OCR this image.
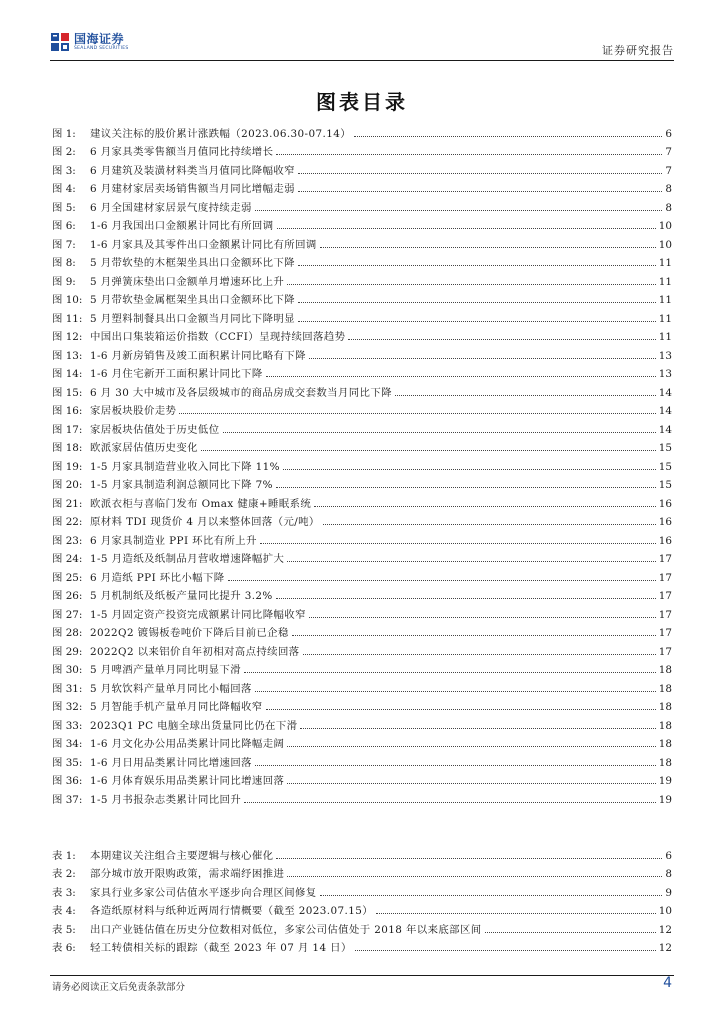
国海证券
SEALAND SECURITIES	证券研究报告
图表目录
图 1:	建议关注标的股价累计涨跌幅（2023.06.30-07.14）	6
图 2:	6 月家具类零售额当月值同比持续增长	7
图 3:	6 月建筑及装潢材料类当月值同比降幅收窄	7
图 4:	6 月建材家居卖场销售额当月同比增幅走弱	8
图 5:	6 月全国建材家居景气度持续走弱	8
图 6:	1-6 月我国出口金额累计同比有所回调	10
图 7:	1-6 月家具及其零件出口金额累计同比有所回调	10
图 8:	5 月带软垫的木框架坐具出口金额环比下降	11
图 9:	5 月弹簧床垫出口金额单月增速环比上升	11
图 10: 5 月带软垫金属框架坐具出口金额环比下降	11
图 11: 5 月塑料制餐具出口金额当月同比下降明显	11
图 12: 中国出口集装箱运价指数（CCFI）呈现持续回落趋势	11
图 13: 1-6 月新房销售及竣工面积累计同比略有下降	13
图 14: 1-6 月住宅新开工面积累计同比下降	13
图 15: 6 月 30 大中城市及各层级城市的商品房成交套数当月同比下降	14
图 16: 家居板块股价走势	14
图 17: 家居板块估值处于历史低位	14
图 18: 欧派家居估值历史变化	15
图 19: 1-5 月家具制造营业收入同比下降 11%	15
图 20: 1-5 月家具制造利润总额同比下降 7%	15
图 21: 欧派衣柜与喜临门发布 Omax 健康+睡眠系统	16
图 22: 原材料 TDI 现货价 4 月以来整体回落（元/吨）	16
图 23: 6 月家具制造业 PPI 环比有所上升	16
图 24: 1-5 月造纸及纸制品月营收增速降幅扩大	17
图 25: 6 月造纸 PPI 环比小幅下降	17
图 26: 5 月机制纸及纸板产量同比提升 3.2%	17
图 27: 1-5 月固定资产投资完成额累计同比降幅收窄	17
图 28: 2022Q2 镀锡板卷吨价下降后目前已企稳	17
图 29: 2022Q2 以来铝价自年初相对高点持续回落	17
图 30: 5 月啤酒产量单月同比明显下滑	18
图 31: 5 月软饮料产量单月同比小幅回落	18
图 32: 5 月智能手机产量单月同比降幅收窄	18
图 33: 2023Q1 PC 电脑全球出货量同比仍在下滑	18
图 34: 1-6 月文化办公用品类累计同比降幅走阔	18
图 35: 1-6 月日用品类累计同比增速回落	18
图 36: 1-6 月体育娱乐用品类累计同比增速回落	19
图 37: 1-5 月书报杂志类累计同比回升	19
表 1:	本期建议关注组合主要逻辑与核心催化	6
表 2:	部分城市放开限购政策，需求端纾困推进	8
表 3:	家具行业多家公司估值水平逐步向合理区间修复	9
表 4:	各造纸原材料与纸种近两周行情概要（截至 2023.07.15）	10
表 5:	出口产业链估值在历史分位数相对低位，多家公司估值处于 2018 年以来底部区间	12
表 6:	轻工转债相关标的跟踪（截至 2023 年 07 月 14 日）	12
请务必阅读正文后免责条款部分	4
